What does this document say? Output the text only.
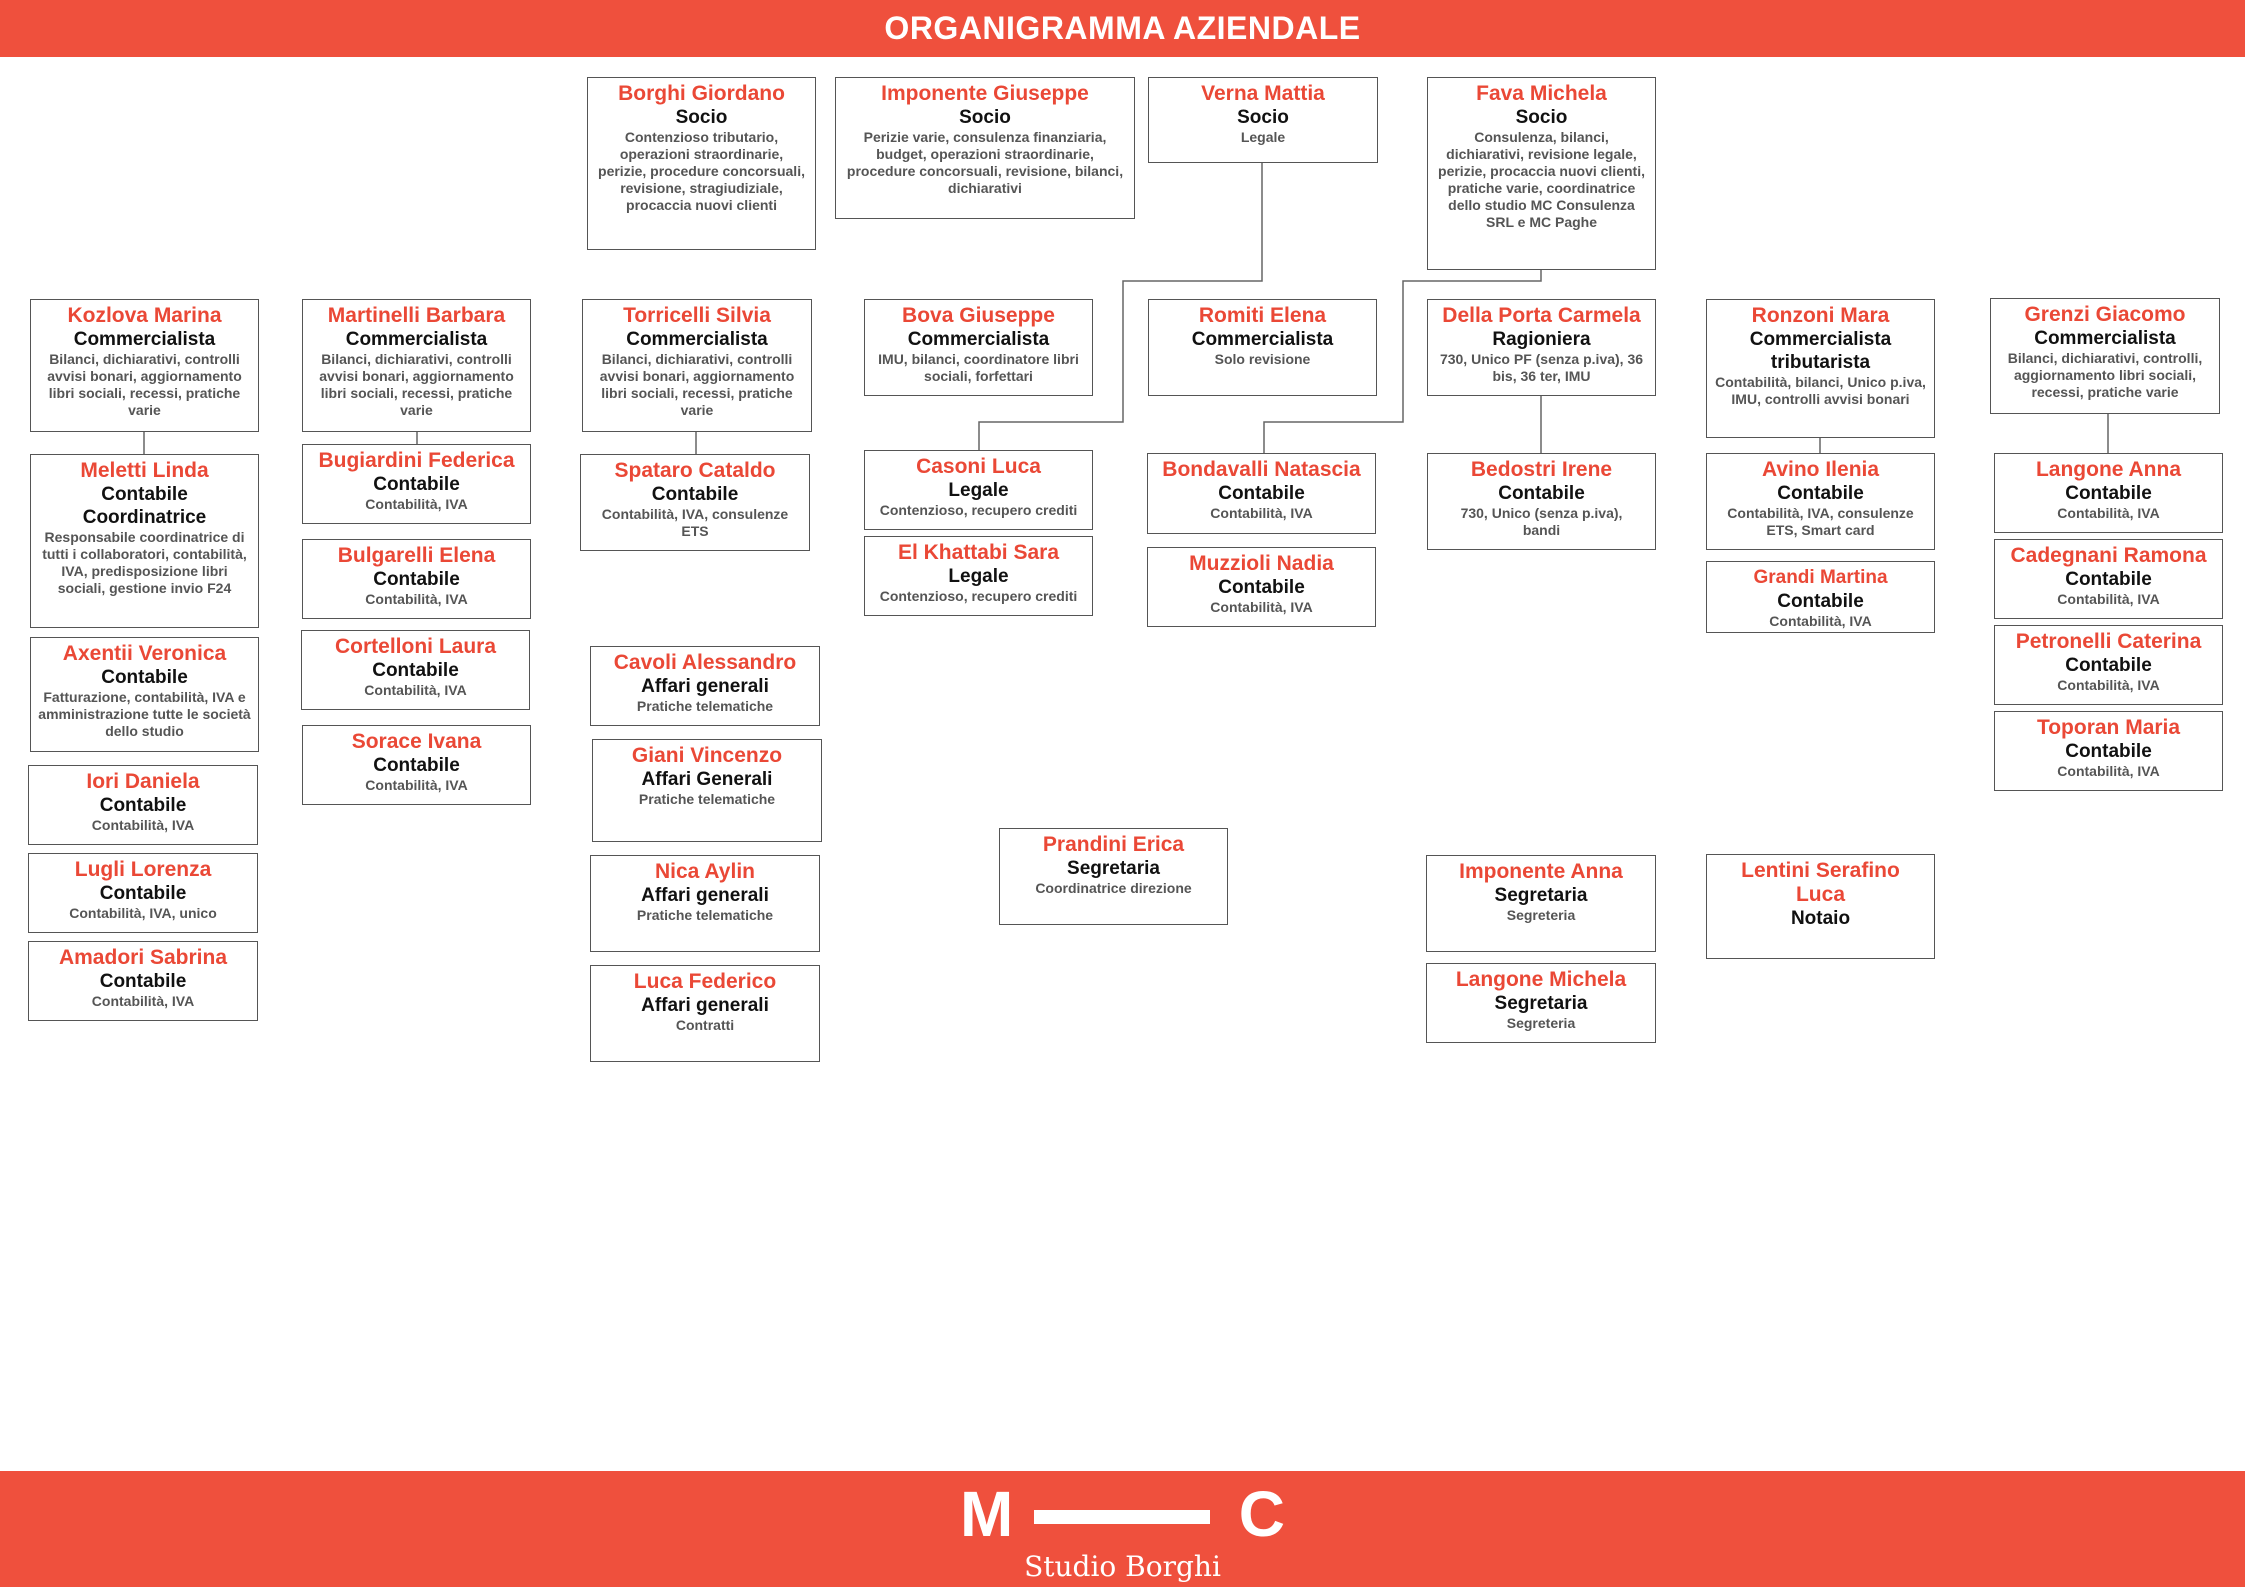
ORGANIGRAMMA AZIENDALE
Borghi Giordano
Socio
Contenzioso tributario, operazioni straordinarie, perizie, procedure concorsuali, revisione, stragiudiziale, procaccia nuovi clienti
Imponente Giuseppe
Socio
Perizie varie, consulenza finanziaria, budget, operazioni straordinarie, procedure concorsuali, revisione, bilanci, dichiarativi
Verna Mattia
Socio
Legale
Fava Michela
Socio
Consulenza, bilanci, dichiarativi, revisione legale, perizie, procaccia nuovi clienti, pratiche varie, coordinatrice dello studio MC Consulenza SRL e MC Paghe
Kozlova Marina
Commercialista
Bilanci, dichiarativi, controlli avvisi bonari, aggiornamento libri sociali, recessi, pratiche varie
Meletti Linda
Contabile Coordinatrice
Responsabile coordinatrice di tutti i collaboratori, contabilità, IVA, predisposizione libri sociali, gestione invio F24
Axentii Veronica
Contabile
Fatturazione, contabilità, IVA e amministrazione tutte le società dello studio
Iori Daniela
Contabile
Contabilità, IVA
Lugli Lorenza
Contabile
Contabilità, IVA, unico
Amadori Sabrina
Contabile
Contabilità, IVA
Martinelli Barbara
Commercialista
Bilanci, dichiarativi, controlli avvisi bonari, aggiornamento libri sociali, recessi, pratiche varie
Bugiardini Federica
Contabile
Contabilità, IVA
Bulgarelli Elena
Contabile
Contabilità, IVA
Cortelloni Laura
Contabile
Contabilità, IVA
Sorace Ivana
Contabile
Contabilità, IVA
Torricelli Silvia
Commercialista
Bilanci, dichiarativi, controlli avvisi bonari, aggiornamento libri sociali, recessi, pratiche varie
Spataro Cataldo
Contabile
Contabilità, IVA, consulenze ETS
Cavoli Alessandro
Affari generali
Pratiche telematiche
Giani Vincenzo
Affari Generali
Pratiche telematiche
Nica Aylin
Affari generali
Pratiche telematiche
Luca Federico
Affari generali
Contratti
Bova Giuseppe
Commercialista
IMU, bilanci, coordinatore libri sociali, forfettari
Casoni Luca
Legale
Contenzioso, recupero crediti
El Khattabi Sara
Legale
Contenzioso, recupero crediti
Prandini Erica
Segretaria
Coordinatrice direzione
Romiti Elena
Commercialista
Solo revisione
Bondavalli Natascia
Contabile
Contabilità, IVA
Muzzioli Nadia
Contabile
Contabilità, IVA
Della Porta Carmela
Ragioniera
730, Unico PF (senza p.iva), 36 bis, 36 ter, IMU
Bedostri Irene
Contabile
730, Unico (senza p.iva), bandi
Imponente Anna
Segretaria
Segreteria
Langone Michela
Segretaria
Segreteria
Ronzoni Mara
Commercialista tributarista
Contabilità, bilanci, Unico p.iva, IMU, controlli avvisi bonari
Avino Ilenia
Contabile
Contabilità, IVA, consulenze ETS, Smart card
Grandi Martina
Contabile
Contabilità, IVA
Lentini Serafino Luca
Notaio
Grenzi Giacomo
Commercialista
Bilanci, dichiarativi, controlli, aggiornamento libri sociali, recessi, pratiche varie
Langone Anna
Contabile
Contabilità, IVA
Cadegnani Ramona
Contabile
Contabilità, IVA
Petronelli Caterina
Contabile
Contabilità, IVA
Toporan Maria
Contabile
Contabilità, IVA
M	C
Studio Borghi
